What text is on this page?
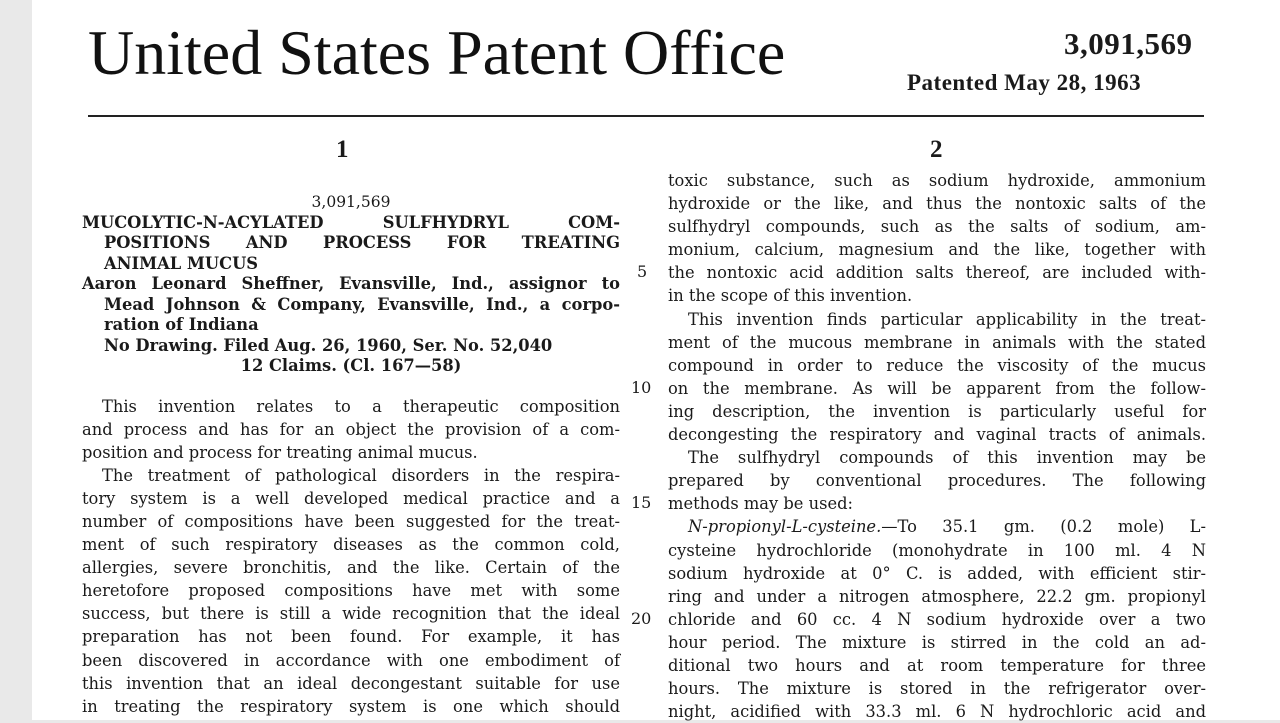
United States Patent Office	3,091,569
Patented May 28, 1963
1	2
3,091,569
MUCOLYTIC-N-ACYLATED SULFHYDRYL COM-
POSITIONS AND PROCESS FOR TREATING
ANIMAL MUCUS
Aaron Leonard Sheffner, Evansville, Ind., assignor to
Mead Johnson & Company, Evansville, Ind., a corpo-
ration of Indiana
No Drawing. Filed Aug. 26, 1960, Ser. No. 52,040
12 Claims. (Cl. 167—58)
This invention relates to a therapeutic composition
and process and has for an object the provision of a com-
position and process for treating animal mucus.
The treatment of pathological disorders in the respira-
tory system is a well developed medical practice and a
number of compositions have been suggested for the treat-
ment of such respiratory diseases as the common cold,
allergies, severe bronchitis, and the like. Certain of the
heretofore proposed compositions have met with some
success, but there is still a wide recognition that the ideal
preparation has not been found. For example, it has
been discovered in accordance with one embodiment of
this invention that an ideal decongestant suitable for use
in treating the respiratory system is one which should
5
10
15
20
toxic substance, such as sodium hydroxide, ammonium
hydroxide or the like, and thus the nontoxic salts of the
sulfhydryl compounds, such as the salts of sodium, am-
monium, calcium, magnesium and the like, together with
the nontoxic acid addition salts thereof, are included with-
in the scope of this invention.
This invention finds particular applicability in the treat-
ment of the mucous membrane in animals with the stated
compound in order to reduce the viscosity of the mucus
on the membrane. As will be apparent from the follow-
ing description, the invention is particularly useful for
decongesting the respiratory and vaginal tracts of animals.
The sulfhydryl compounds of this invention may be
prepared by conventional procedures. The following
methods may be used:
N-propionyl-L-cysteine.—To 35.1 gm. (0.2 mole) L-
cysteine hydrochloride (monohydrate in 100 ml. 4 N
sodium hydroxide at 0° C. is added, with efficient stir-
ring and under a nitrogen atmosphere, 22.2 gm. propionyl
chloride and 60 cc. 4 N sodium hydroxide over a two
hour period. The mixture is stirred in the cold an ad-
ditional two hours and at room temperature for three
hours. The mixture is stored in the refrigerator over-
night, acidified with 33.3 ml. 6 N hydrochloric acid and
